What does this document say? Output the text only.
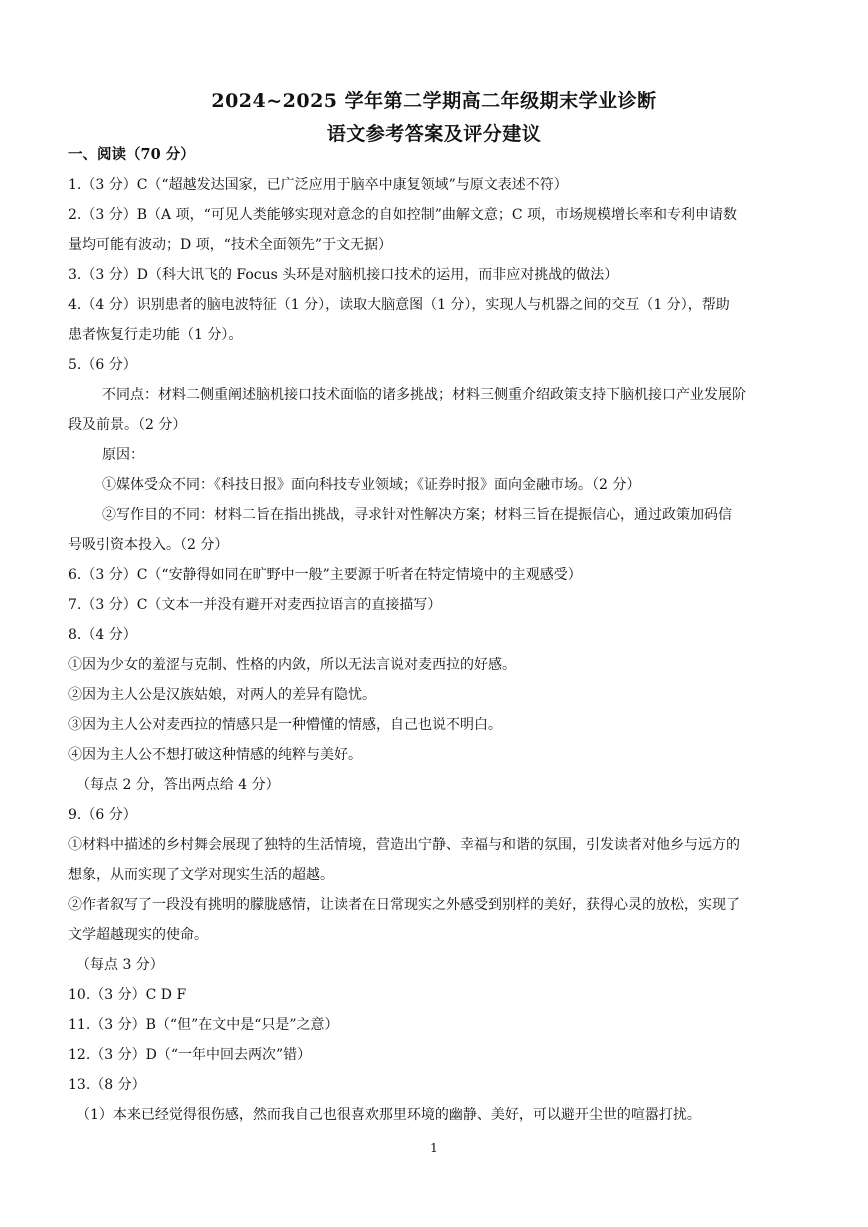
2024~2025 学年第二学期高二年级期末学业诊断
语文参考答案及评分建议
一、阅读（70 分）
1.（3 分）C（“超越发达国家，已广泛应用于脑卒中康复领域”与原文表述不符）
2.（3 分）B（A 项，“可见人类能够实现对意念的自如控制”曲解文意；C 项，市场规模增长率和专利申请数
量均可能有波动；D 项，“技术全面领先”于文无据）
3.（3 分）D（科大讯飞的 Focus 头环是对脑机接口技术的运用，而非应对挑战的做法）
4.（4 分）识别患者的脑电波特征（1 分），读取大脑意图（1 分），实现人与机器之间的交互（1 分），帮助
患者恢复行走功能（1 分）。
5.（6 分）
不同点：材料二侧重阐述脑机接口技术面临的诸多挑战；材料三侧重介绍政策支持下脑机接口产业发展阶
段及前景。（2 分）
原因：
①媒体受众不同：《科技日报》面向科技专业领域；《证券时报》面向金融市场。（2 分）
②写作目的不同：材料二旨在指出挑战，寻求针对性解决方案；材料三旨在提振信心，通过政策加码信
号吸引资本投入。（2 分）
6.（3 分）C（“安静得如同在旷野中一般”主要源于听者在特定情境中的主观感受）
7.（3 分）C（文本一并没有避开对麦西拉语言的直接描写）
8.（4 分）
①因为少女的羞涩与克制、性格的内敛，所以无法言说对麦西拉的好感。
②因为主人公是汉族姑娘，对两人的差异有隐忧。
③因为主人公对麦西拉的情感只是一种懵懂的情感，自己也说不明白。
④因为主人公不想打破这种情感的纯粹与美好。
（每点 2 分，答出两点给 4 分）
9.（6 分）
①材料中描述的乡村舞会展现了独特的生活情境，营造出宁静、幸福与和谐的氛围，引发读者对他乡与远方的
想象，从而实现了文学对现实生活的超越。
②作者叙写了一段没有挑明的朦胧感情，让读者在日常现实之外感受到别样的美好，获得心灵的放松，实现了
文学超越现实的使命。
（每点 3 分）
10.（3 分）C D F
11.（3 分）B（“但”在文中是“只是”之意）
12.（3 分）D（“一年中回去两次”错）
13.（8 分）
（1）本来已经觉得很伤感，然而我自己也很喜欢那里环境的幽静、美好，可以避开尘世的喧嚣打扰。
1
